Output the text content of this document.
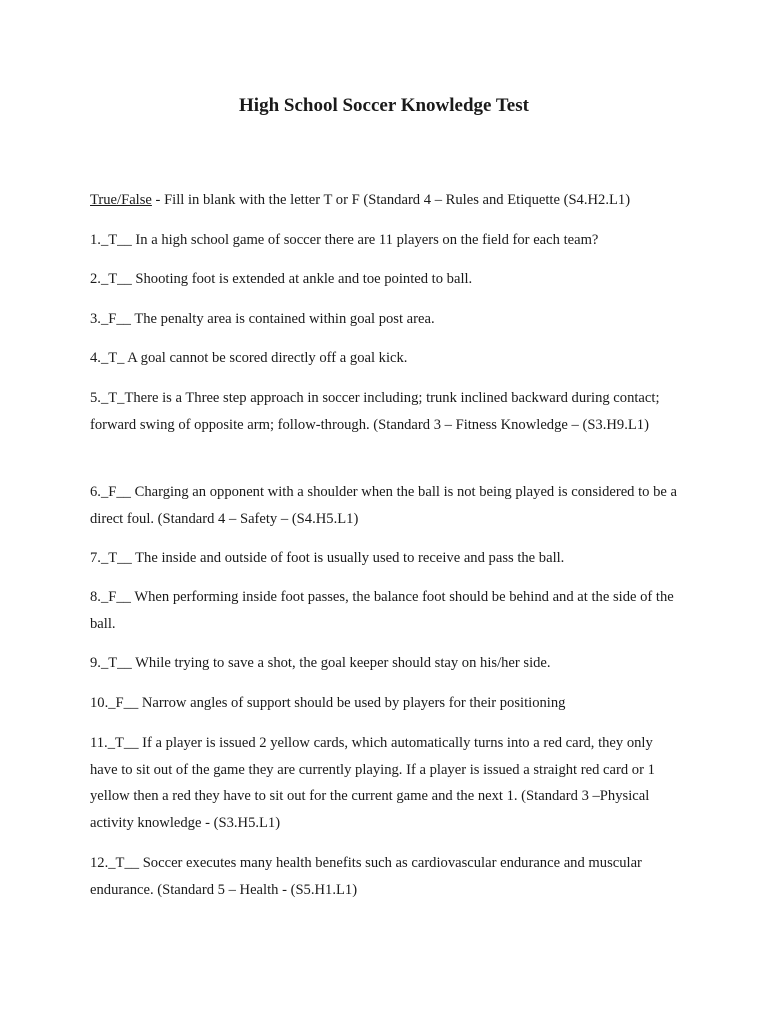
High School Soccer Knowledge Test

True/False - Fill in blank with the letter T or F (Standard 4 – Rules and Etiquette (S4.H2.L1)

1._T__ In a high school game of soccer there are 11 players on the field for each team?

2._T__ Shooting foot is extended at ankle and toe pointed to ball.

3._F__ The penalty area is contained within goal post area.

4._T_ A goal cannot be scored directly off a goal kick.

5._T_There is a Three step approach in soccer including; trunk inclined backward during contact; forward swing of opposite arm; follow-through. (Standard 3 – Fitness Knowledge – (S3.H9.L1)

6._F__ Charging an opponent with a shoulder when the ball is not being played is considered to be a direct foul. (Standard 4 – Safety – (S4.H5.L1)

7._T__ The inside and outside of foot is usually used to receive and pass the ball.

8._F__ When performing inside foot passes, the balance foot should be behind and at the side of the ball.

9._T__ While trying to save a shot, the goal keeper should stay on his/her side.

10._F__ Narrow angles of support should be used by players for their positioning

11._T__ If a player is issued 2 yellow cards, which automatically turns into a red card, they only have to sit out of the game they are currently playing. If a player is issued a straight red card or 1 yellow then a red they have to sit out for the current game and the next 1. (Standard 3 –Physical activity knowledge - (S3.H5.L1)

12._T__ Soccer executes many health benefits such as cardiovascular endurance and muscular endurance. (Standard 5 – Health - (S5.H1.L1)
